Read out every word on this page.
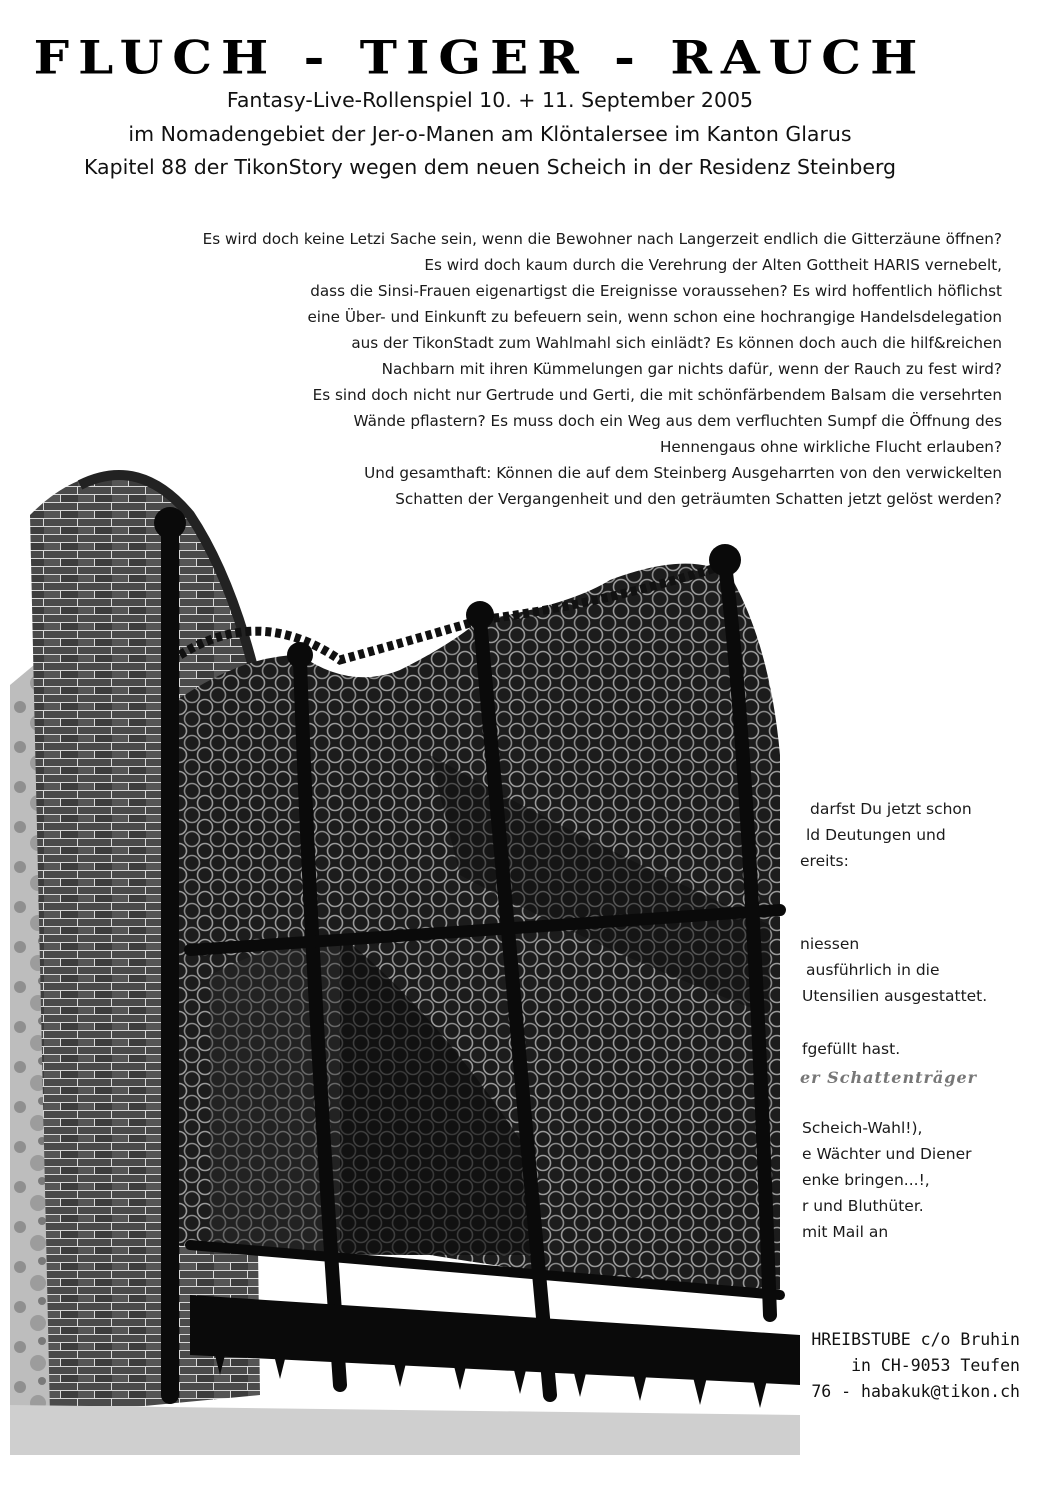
FLUCH - TIGER - RAUCH
Fantasy-Live-Rollenspiel 10. + 11. September 2005
im Nomadengebiet der Jer-o-Manen am Klöntalersee im Kanton Glarus
Kapitel 88 der TikonStory wegen dem neuen Scheich in der Residenz Steinberg
Es wird doch keine Letzi Sache sein, wenn die Bewohner nach Langerzeit endlich die Gitterzäune öffnen?
Es wird doch kaum durch die Verehrung der Alten Gottheit HARIS vernebelt,
dass die Sinsi-Frauen eigenartigst die Ereignisse voraussehen? Es wird hoffentlich höflichst
eine Über- und Einkunft zu befeuern sein, wenn schon eine hochrangige Handelsdelegation
aus der TikonStadt zum Wahlmahl sich einlädt? Es können doch auch die hilf&reichen
Nachbarn mit ihren Kümmelungen gar nichts dafür, wenn der Rauch zu fest wird?
Es sind doch nicht nur Gertrude und Gerti, die mit schönfärbendem Balsam die versehrten
Wände pflastern? Es muss doch ein Weg aus dem verfluchten Sumpf die Öffnung des
Hennengaus ohne wirkliche Flucht erlauben?
Und gesamthaft: Können die auf dem Steinberg Ausgeharrten von den verwickelten
Schatten der Vergangenheit und den geträumten Schatten jetzt gelöst werden?
darfst Du jetzt schon
ld Deutungen und
ereits:
niessen
ausführlich in die
Utensilien ausgestattet.
fgefüllt hast.
er Schattenträger
Scheich-Wahl!),
e Wächter und Diener
enke bringen...!,
r und Bluthüter.
mit Mail an
HREIBSTUBE c/o Bruhin
in CH-9053 Teufen
76 - habakuk@tikon.ch
